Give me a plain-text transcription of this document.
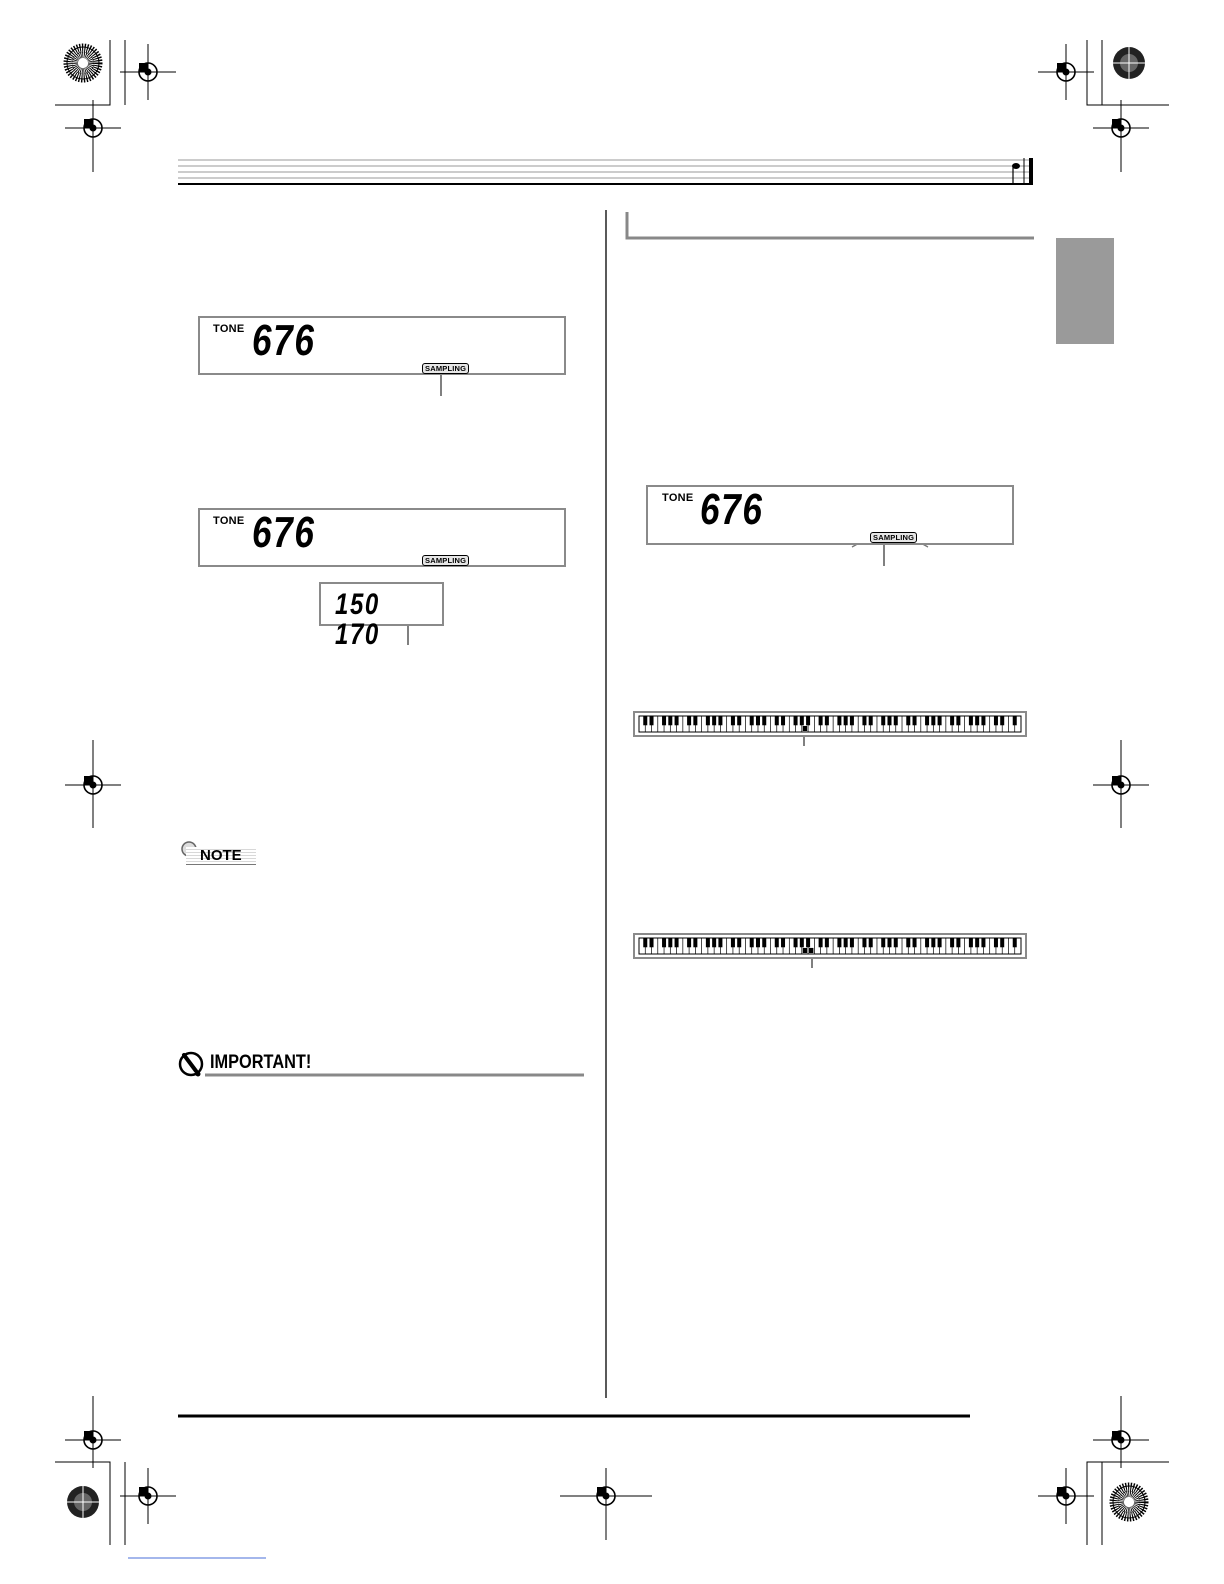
TONE 676
SAMPLING
TONE 676
SAMPLING
150 170
TONE 676
SAMPLING
NOTE
IMPORTANT!
